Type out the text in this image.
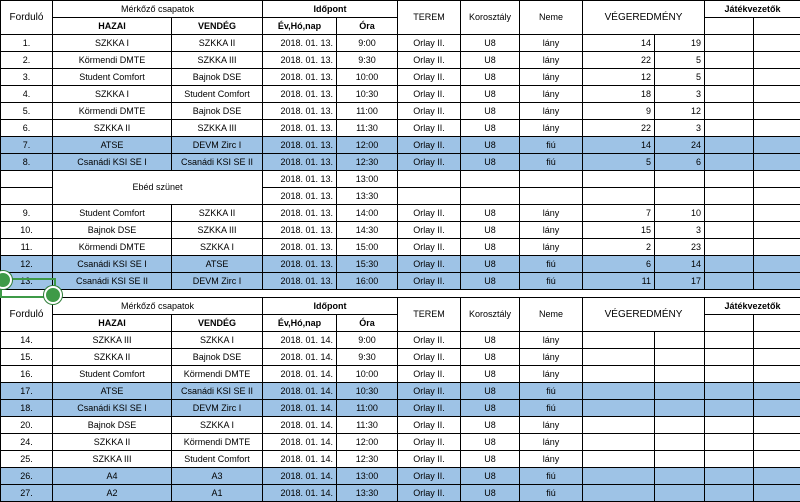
Forduló	Mérkőző csapatok		Időpont		TEREM	Korosztály	Neme	VÉGEREDMÉNY		Játékvezetők	
	HAZAI	VENDÉG	Év,Hó,nap	Óra							
1.	SZKKA I	SZKKA II	2018. 01. 13.	9:00	Orlay II.	U8	lány	14	19		
2.	Körmendi DMTE	SZKKA III	2018. 01. 13.	9:30	Orlay II.	U8	lány	22	5		
3.	Student Comfort	Bajnok DSE	2018. 01. 13.	10:00	Orlay II.	U8	lány	12	5		
4.	SZKKA I	Student Comfort	2018. 01. 13.	10:30	Orlay II.	U8	lány	18	3		
5.	Körmendi DMTE	Bajnok DSE	2018. 01. 13.	11:00	Orlay II.	U8	lány	9	12		
6.	SZKKA II	SZKKA III	2018. 01. 13.	11:30	Orlay II.	U8	lány	22	3		
7.	ATSE	DEVM Zirc I	2018. 01. 13.	12:00	Orlay II.	U8	fiú	14	24		
8.	Csanádi KSI SE I	Csanádi KSI SE II	2018. 01. 13.	12:30	Orlay II.	U8	fiú	5	6		
	Ebéd szünet		2018. 01. 13.	13:00							
			2018. 01. 13.	13:30							
9.	Student Comfort	SZKKA II	2018. 01. 13.	14:00	Orlay II.	U8	lány	7	10		
10.	Bajnok DSE	SZKKA III	2018. 01. 13.	14:30	Orlay II.	U8	lány	15	3		
11.	Körmendi DMTE	SZKKA I	2018. 01. 13.	15:00	Orlay II.	U8	lány	2	23		
12.	Csanádi KSI SE I	ATSE	2018. 01. 13.	15:30	Orlay II.	U8	fiú	6	14		
13.	Csanádi KSI SE II	DEVM Zirc I	2018. 01. 13.	16:00	Orlay II.	U8	fiú	11	17		
Forduló	Mérkőző csapatok		Időpont		TEREM	Korosztály	Neme	VÉGEREDMÉNY		Játékvezetők	
	HAZAI	VENDÉG	Év,Hó,nap	Óra							
14.	SZKKA III	SZKKA I	2018. 01. 14.	9:00	Orlay II.	U8	lány				
15.	SZKKA II	Bajnok DSE	2018. 01. 14.	9:30	Orlay II.	U8	lány				
16.	Student Comfort	Körmendi DMTE	2018. 01. 14.	10:00	Orlay II.	U8	lány				
17.	ATSE	Csanádi KSI SE II	2018. 01. 14.	10:30	Orlay II.	U8	fiú				
18.	Csanádi KSI SE I	DEVM Zirc I	2018. 01. 14.	11:00	Orlay II.	U8	fiú				
20.	Bajnok DSE	SZKKA I	2018. 01. 14.	11:30	Orlay II.	U8	lány				
24.	SZKKA II	Körmendi DMTE	2018. 01. 14.	12:00	Orlay II.	U8	lány				
25.	SZKKA III	Student Comfort	2018. 01. 14.	12:30	Orlay II.	U8	lány				
26.	A4	A3	2018. 01. 14.	13:00	Orlay II.	U8	fiú				
27.	A2	A1	2018. 01. 14.	13:30	Orlay II.	U8	fiú				
